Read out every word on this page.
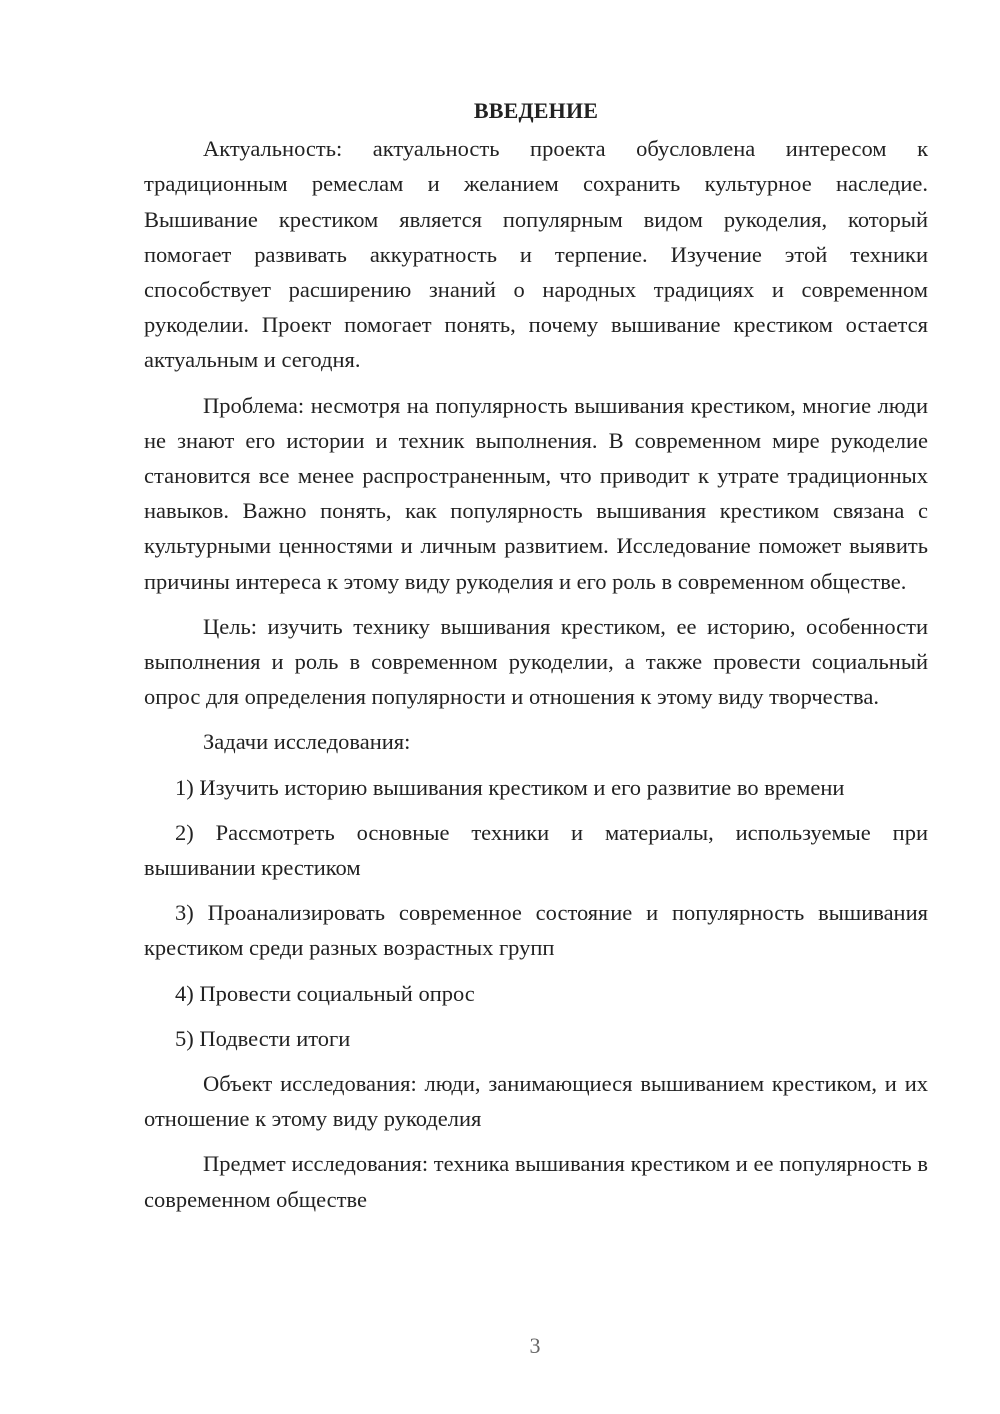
ВВЕДЕНИЕ

Актуальность: актуальность проекта обусловлена интересом к традиционным ремеслам и желанием сохранить культурное наследие. Вышивание крестиком является популярным видом рукоделия, который помогает развивать аккуратность и терпение. Изучение этой техники способствует расширению знаний о народных традициях и современном рукоделии. Проект помогает понять, почему вышивание крестиком остается актуальным и сегодня.

Проблема: несмотря на популярность вышивания крестиком, многие люди не знают его истории и техник выполнения. В современном мире рукоделие становится все менее распространенным, что приводит к утрате традиционных навыков. Важно понять, как популярность вышивания крестиком связана с культурными ценностями и личным развитием. Исследование поможет выявить причины интереса к этому виду рукоделия и его роль в современном обществе.

Цель: изучить технику вышивания крестиком, ее историю, особенности выполнения и роль в современном рукоделии, а также провести социальный опрос для определения популярности и отношения к этому виду творчества.

Задачи исследования:

1) Изучить историю вышивания крестиком и его развитие во времени

2) Рассмотреть основные техники и материалы, используемые при вышивании крестиком

3) Проанализировать современное состояние и популярность вышивания крестиком среди разных возрастных групп

4) Провести социальный опрос

5) Подвести итоги

Объект исследования: люди, занимающиеся вышиванием крестиком, и их отношение к этому виду рукоделия

Предмет исследования: техника вышивания крестиком и ее популярность в современном обществе

3
